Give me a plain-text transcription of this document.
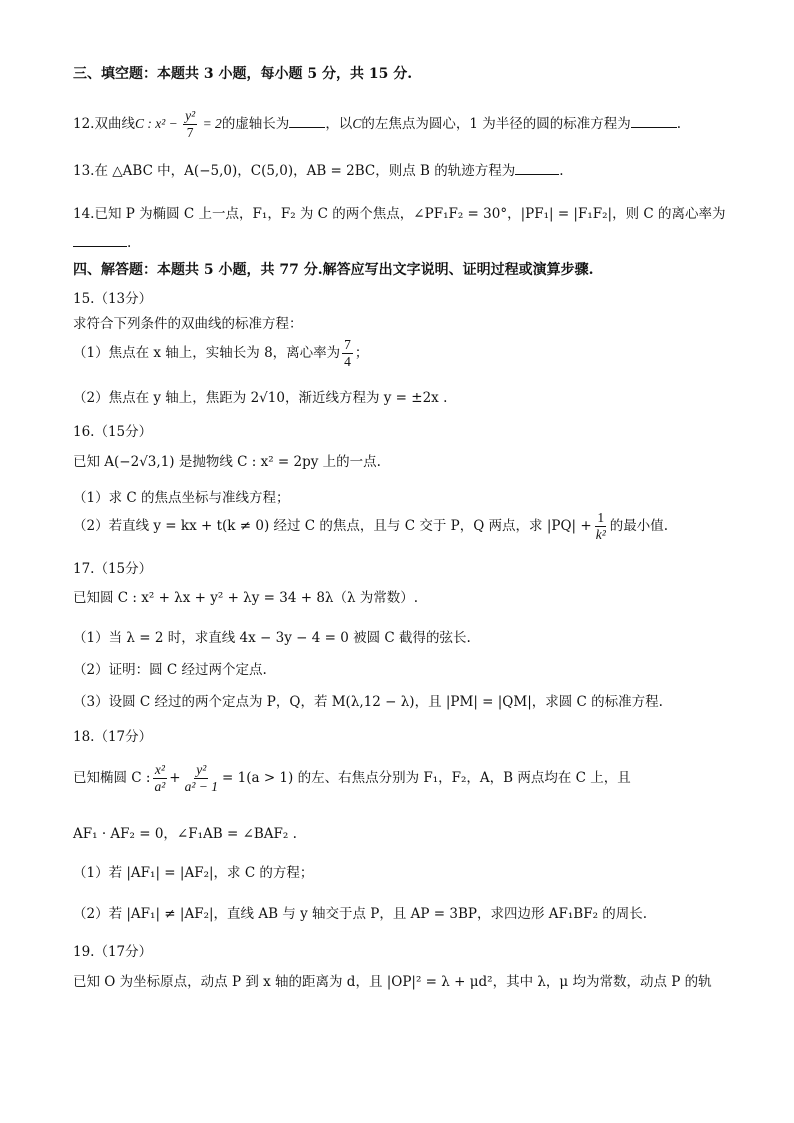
三、填空题：本题共 3 小题，每小题 5 分，共 15 分.
12.双曲线C : $x^2 - \frac{\text{y²}}{7} = 2$的虚轴长为	，以C的左焦点为圆心，1 为半径的圆的标准方程为	.
13.在 △ABC 中，A(−5,0)，C(5,0)，AB = 2BC，则点 B 的轨迹方程为	.
14.已知 P 为椭圆 C 上一点，F₁，F₂ 为 C 的两个焦点，∠PF₁F₂ = 30°，|PF₁| = |F₁F₂|，则 C 的离心率为
.
四、解答题：本题共 5 小题，共 77 分.解答应写出文字说明、证明过程或演算步骤.
15.（13分）
求符合下列条件的双曲线的标准方程：
（1）焦点在 x 轴上，实轴长为 8，离心率为 $\frac{7}{4}$ ；
（2）焦点在 y 轴上，焦距为 2√10，渐近线方程为 y = ±2x .
16.（15分）
已知 A(−2√3,1) 是抛物线 C : x² = 2py 上的一点.
（1）求 C 的焦点坐标与准线方程；
（2）若直线 y = kx + t(k ≠ 0) 经过 C 的焦点，且与 C 交于 P，Q 两点，求 $|PQ| + \frac{1}{\text{k²}}$ 的最小值.
17.（15分）
已知圆 C : x² + λx + y² + λy = 34 + 8λ（λ 为常数）.
（1）当 λ = 2 时，求直线 4x − 3y − 4 = 0 被圆 C 截得的弦长.
（2）证明：圆 C 经过两个定点.
（3）设圆 C 经过的两个定点为 P，Q，若 M(λ,12 − λ)，且 |PM| = |QM|，求圆 C 的标准方程.
18.（17分）
已知椭圆 C : $\frac{\text{x²}}{\text{a²}} + \frac{\text{y²}}{\text{a² − 1}} = 1(a > 1)$ 的左、右焦点分别为 F₁，F₂，A，B 两点均在 C 上，且
AF₁ · AF₂ = 0，∠F₁AB = ∠BAF₂ .
（1）若 |AF₁| = |AF₂|，求 C 的方程；
（2）若 |AF₁| ≠ |AF₂|，直线 AB 与 y 轴交于点 P，且 AP = 3BP，求四边形 AF₁BF₂ 的周长.
19.（17分）
已知 O 为坐标原点，动点 P 到 x 轴的距离为 d，且 |OP|² = λ + μd²，其中 λ，μ 均为常数，动点 P 的轨
